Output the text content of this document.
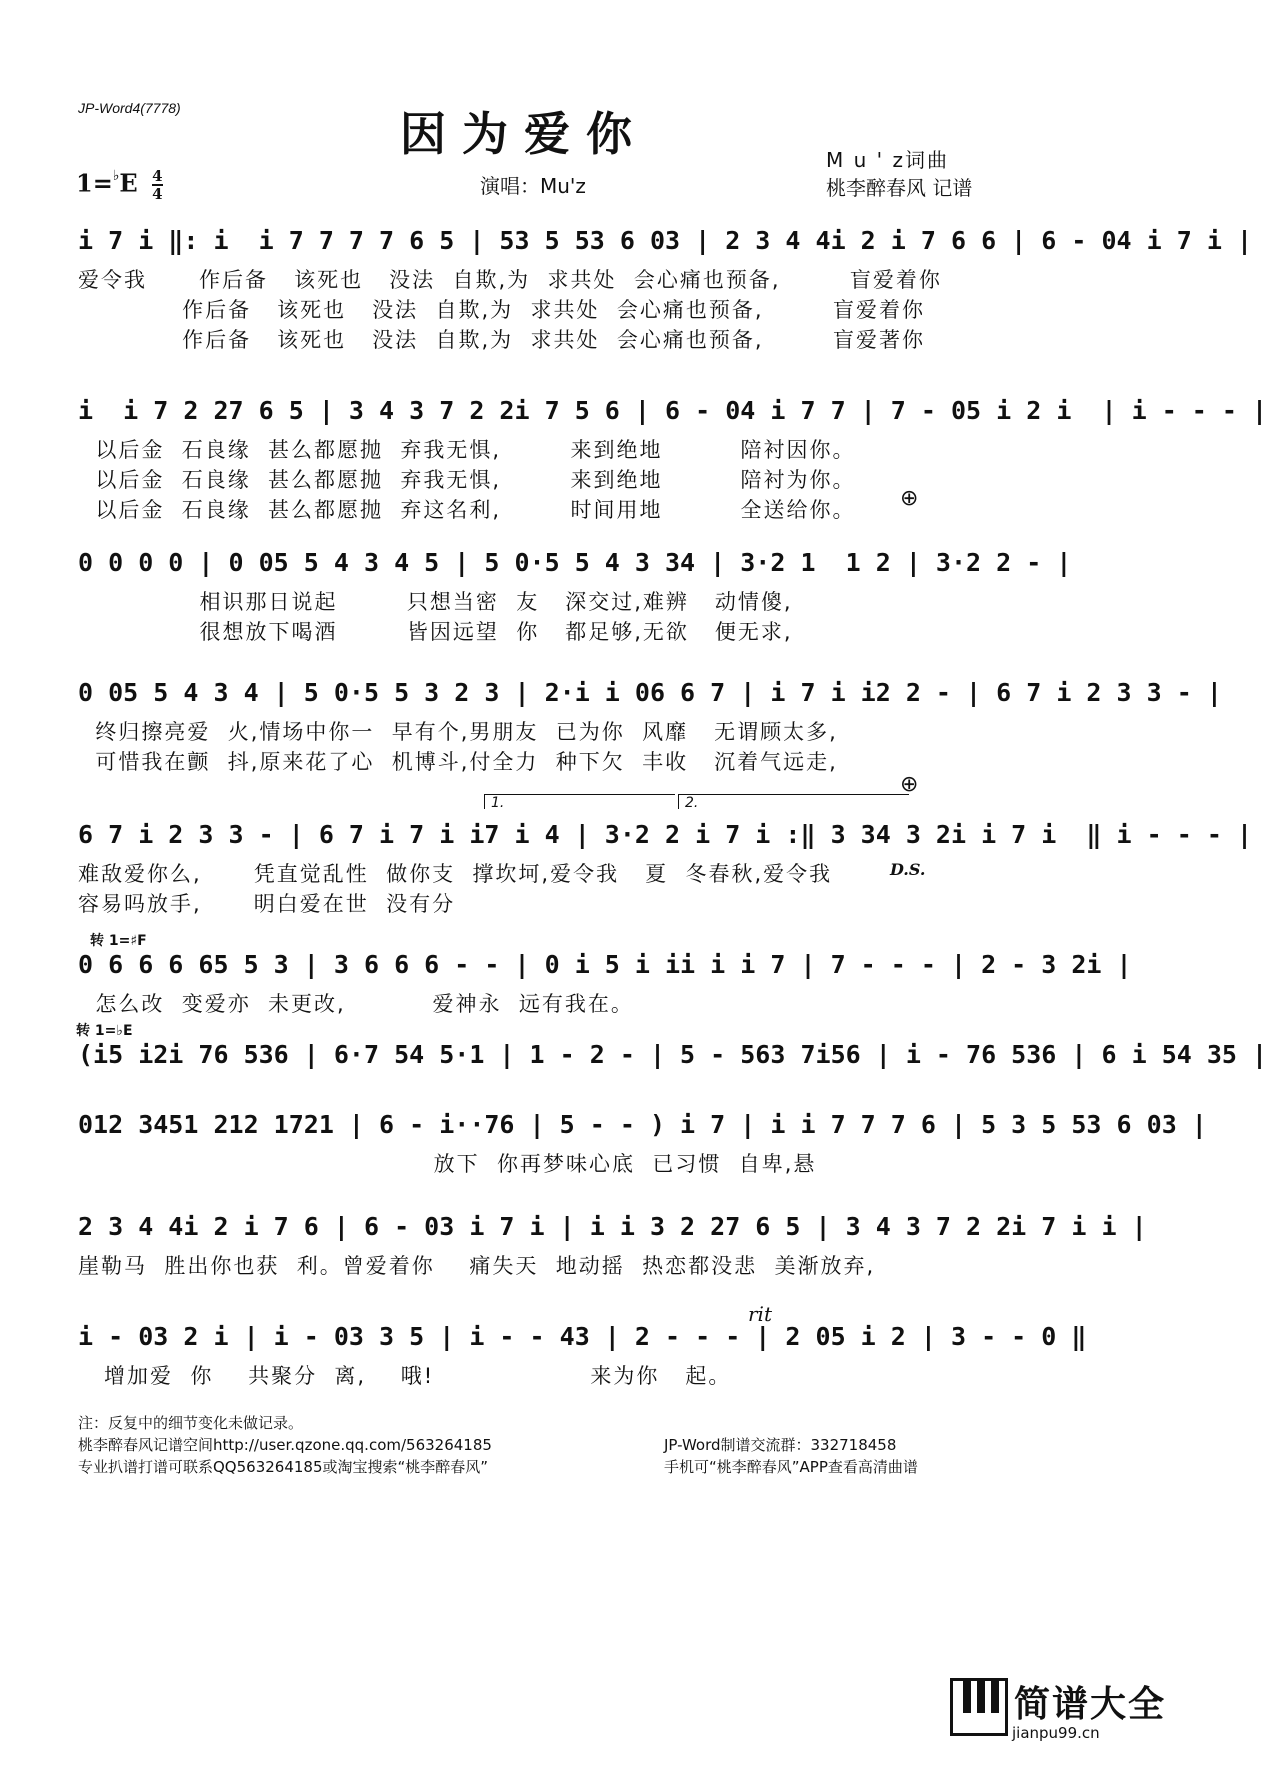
JP-Word4(7778)	因为爱你	M u ' z词曲
桃李醉春风 记谱
演唱：Mu'z
$1=^♭E \frac{4}{4}$
i 7 i ‖: i  i 7 7 7 7 6 5 | 53 5 53 6 03 | 2 3 4 4i 2 i 7 6 6 | 6 - 04 i 7 i |
爱令我      作后备   该死也   没法  自欺,为  求共处  会心痛也预备,        盲爱着你
作后备   该死也   没法  自欺,为  求共处  会心痛也预备,        盲爱着你
作后备   该死也   没法  自欺,为  求共处  会心痛也预备,        盲爱著你
i  i 7 2 27 6 5 | 3 4 3 7 2 2i 7 5 6 | 6 - 04 i 7 7 | 7 - 05 i 2 i  | i - - - |
以后金  石良缘  甚么都愿抛  弃我无惧,        来到绝地         陪衬因你。
以后金  石良缘  甚么都愿抛  弃我无惧,        来到绝地         陪衬为你。
以后金  石良缘  甚么都愿抛  弃这名利,        时间用地         全送给你。
0 0 0 0 | 0 05 5 4 3 4 5 | 5 0·5 5 4 3 34 | 3·2 1  1 2 | 3·2 2 - |
相识那日说起        只想当密  友   深交过,难辨   动情傻,
很想放下喝酒        皆因远望  你   都足够,无欲   便无求,
0 05 5 4 3 4 | 5 0·5 5 3 2 3 | 2·i i 06 6 7 | i 7 i i2 2 - | 6 7 i 2 3 3 - |
终归擦亮爱  火,情场中你一  早有个,男朋友  已为你  风靡   无谓顾太多,
可惜我在颤  抖,原来花了心  机博斗,付全力  种下欠  丰收   沉着气远走,
6 7 i 2 3 3 - | 6 7 i 7 i i7 i 4 | 3·2 2 i 7 i :‖ 3 34 3 2i i 7 i  ‖ i - - - |
难敌爱你么,      凭直觉乱性  做你支  撑坎坷,爱令我   夏  冬春秋,爱令我
容易吗放手,      明白爱在世  没有分
0 6 6 6 65 5 3 | 3 6 6 6 - - | 0 i 5 i ii i i 7 | 7 - - - | 2 - 3 2i |
怎么改  变爱亦  未更改,          爱神永  远有我在。
(i5 i2i 76 536 | 6·7 54 5·1 | 1 - 2 - | 5 - 563 7i56 | i - 76 536 | 6 i 54 35 |
012 3451 212 1721 | 6 - i··76 | 5 - - ) i 7 | i i 7 7 7 6 | 5 3 5 53 6 03 |
放下  你再梦味心底  已习惯  自卑,悬
2 3 4 4i 2 i 7 6 | 6 - 03 i 7 i | i i 3 2 27 6 5 | 3 4 3 7 2 2i 7 i i |
崖勒马  胜出你也获  利。曾爱着你    痛失天  地动摇  热恋都没悲  美渐放弃,
i - 03 2 i | i - 03 3 5 | i - - 43 | 2 - - - | 2 05 i 2 | 3 - - 0 ‖
增加爱  你    共聚分  离,    哦!                  来为你   起。
1.	2.
⊕
⊕
D.S.
转 1=♯F
转 1=♭E
rit
注：反复中的细节变化未做记录。
桃李醉春风记谱空间http://user.qzone.qq.com/563264185
专业扒谱打谱可联系QQ563264185或淘宝搜索“桃李醉春风”
JP-Word制谱交流群：332718458
手机可“桃李醉春风”APP查看高清曲谱
简谱大全
jianpu99.cn
